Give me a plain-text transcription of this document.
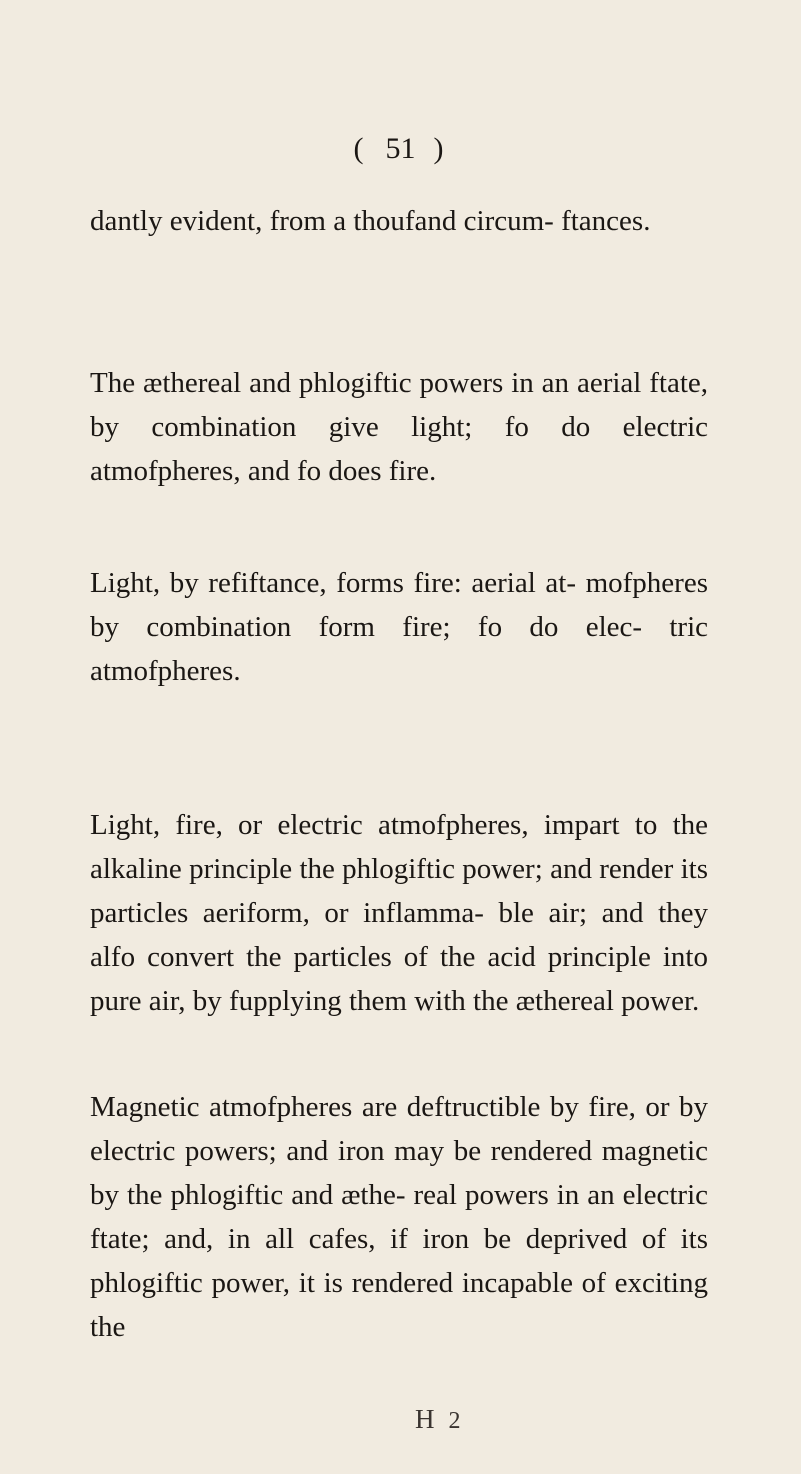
( 51 )

dantly evident, from a thoufand circum- ftances.

The æthereal and phlogiftic powers in an aerial ftate, by combination give light; fo do electric atmofpheres, and fo does fire.

Light, by refiftance, forms fire: aerial at- mofpheres by combination form fire; fo do elec- tric atmofpheres.

Light, fire, or electric atmofpheres, impart to the alkaline principle the phlogiftic power; and render its particles aeriform, or inflamma- ble air; and they alfo convert the particles of the acid principle into pure air, by fupplying them with the æthereal power.

Magnetic atmofpheres are deftructible by fire, or by electric powers; and iron may be rendered magnetic by the phlogiftic and æthe- real powers in an electric ftate; and, in all cafes, if iron be deprived of its phlogiftic power, it is rendered incapable of exciting the

H 2
